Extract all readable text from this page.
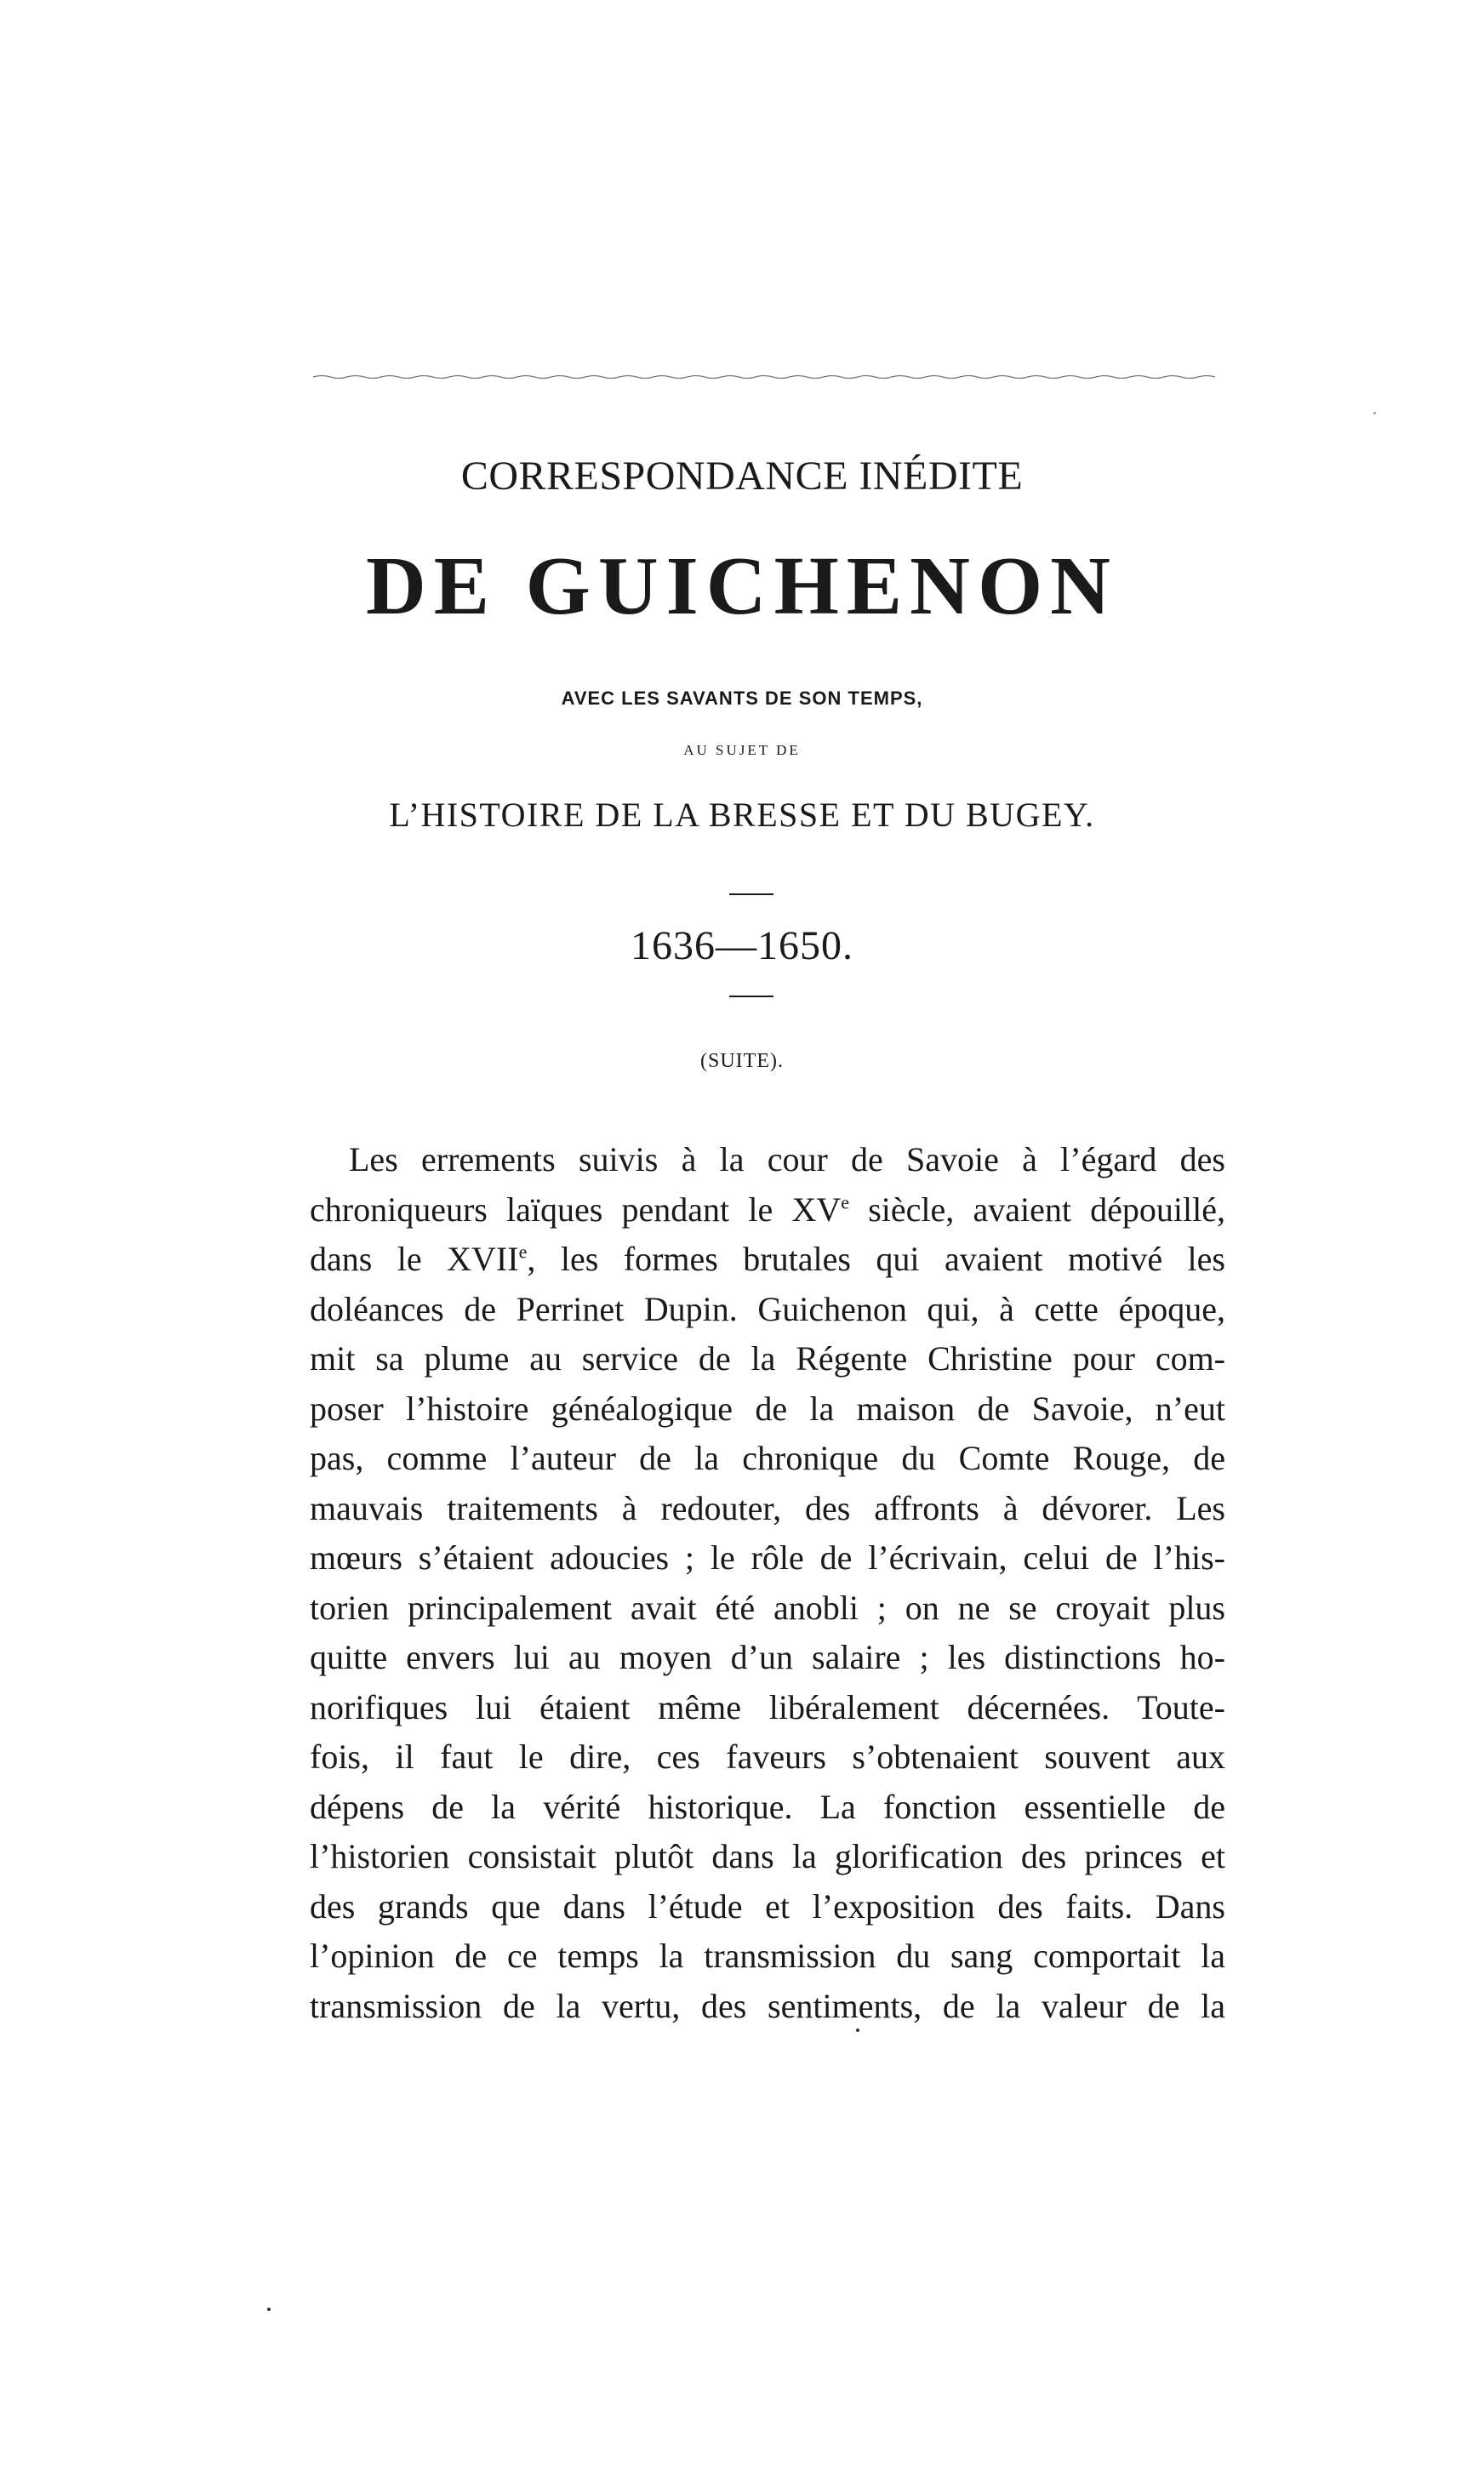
CORRESPONDANCE INÉDITE
DE GUICHENON
AVEC LES SAVANTS DE SON TEMPS,
AU SUJET DE
L’HISTOIRE DE LA BRESSE ET DU BUGEY.
1636—1650.
(SUITE).
Les errements suivis à la cour de Savoie à l’égard des
chroniqueurs laïques pendant le XVe siècle, avaient dépouillé,
dans le XVIIe, les formes brutales qui avaient motivé les
doléances de Perrinet Dupin. Guichenon qui, à cette époque,
mit sa plume au service de la Régente Christine pour com-
poser l’histoire généalogique de la maison de Savoie, n’eut
pas, comme l’auteur de la chronique du Comte Rouge, de
mauvais traitements à redouter, des affronts à dévorer. Les
mœurs s’étaient adoucies ; le rôle de l’écrivain, celui de l’his-
torien principalement avait été anobli ; on ne se croyait plus
quitte envers lui au moyen d’un salaire ; les distinctions ho-
norifiques lui étaient même libéralement décernées. Toute-
fois, il faut le dire, ces faveurs s’obtenaient souvent aux
dépens de la vérité historique. La fonction essentielle de
l’historien consistait plutôt dans la glorification des princes et
des grands que dans l’étude et l’exposition des faits. Dans
l’opinion de ce temps la transmission du sang comportait la
transmission de la vertu, des sentiments, de la valeur de la
